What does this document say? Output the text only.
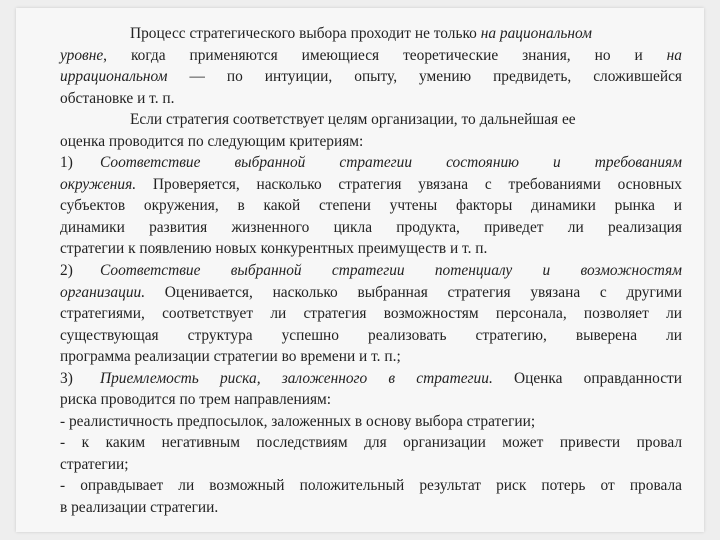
Процесс стратегического выбора проходит не только на рациональном
уровне, когда применяются имеющиеся теоретические знания, но и на
иррациональном — по интуиции, опыту, умению предвидеть, сложившейся
обстановке и т. п.
Если стратегия соответствует целям организации, то дальнейшая ее
оценка проводится по следующим критериям:
1) Соответствие выбранной стратегии состоянию и требованиям
окружения. Проверяется, насколько стратегия увязана с требованиями основных
субъектов окружения, в какой степени учтены факторы динамики рынка и
динамики развития жизненного цикла продукта, приведет ли реализация
стратегии к появлению новых конкурентных преимуществ и т. п.
2) Соответствие выбранной стратегии потенциалу и возможностям
организации. Оценивается, насколько выбранная стратегия увязана с другими
стратегиями, соответствует ли стратегия возможностям персонала, позволяет ли
существующая структура успешно реализовать стратегию, выверена ли
программа реализации стратегии во времени и т. п.;
3) Приемлемость риска, заложенного в стратегии. Оценка оправданности
риска проводится по трем направлениям:
- реалистичность предпосылок, заложенных в основу выбора стратегии;
- к каким негативным последствиям для организации может привести провал
стратегии;
- оправдывает ли возможный положительный результат риск потерь от провала
в реализации стратегии.
